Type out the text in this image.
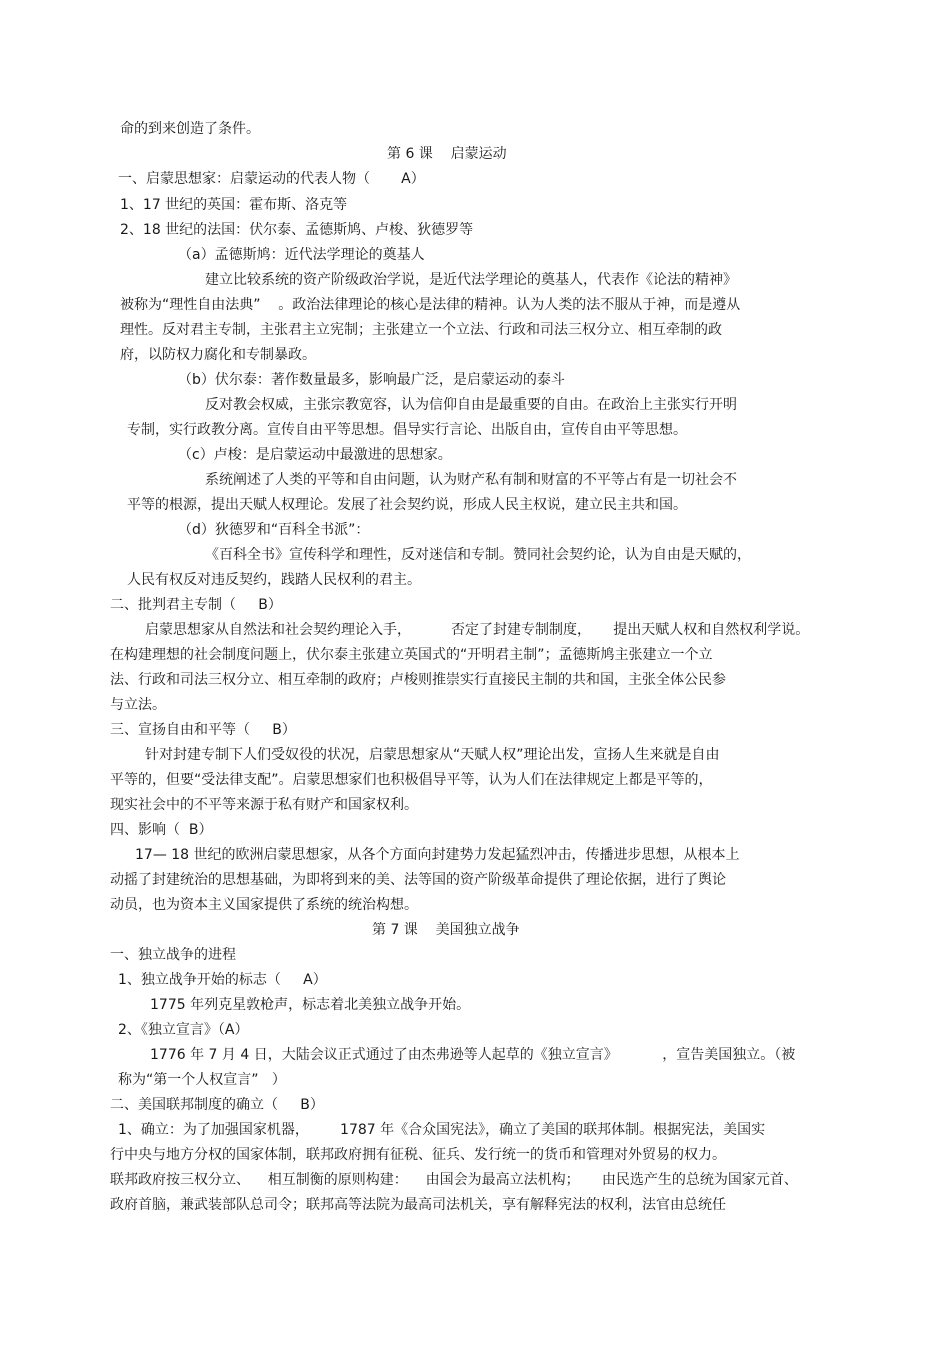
命的到来创造了条件。
第 6 课    启蒙运动
一、启蒙思想家：启蒙运动的代表人物（       A）
1、17 世纪的英国：霍布斯、洛克等
2、18 世纪的法国：伏尔泰、孟德斯鸠、卢梭、狄德罗等
（a）孟德斯鸠：近代法学理论的奠基人
建立比较系统的资产阶级政治学说，是近代法学理论的奠基人，代表作《论法的精神》
被称为“理性自由法典”    。政治法律理论的核心是法律的精神。认为人类的法不服从于神，而是遵从
理性。反对君主专制，主张君主立宪制；主张建立一个立法、行政和司法三权分立、相互牵制的政
府，以防权力腐化和专制暴政。
（b）伏尔泰：著作数量最多，影响最广泛，是启蒙运动的泰斗
反对教会权威，主张宗教宽容，认为信仰自由是最重要的自由。在政治上主张实行开明
专制，实行政教分离。宣传自由平等思想。倡导实行言论、出版自由，宣传自由平等思想。
（c）卢梭：是启蒙运动中最激进的思想家。
系统阐述了人类的平等和自由问题，认为财产私有制和财富的不平等占有是一切社会不
平等的根源，提出天赋人权理论。发展了社会契约说，形成人民主权说，建立民主共和国。
（d）狄德罗和“百科全书派”：
《百科全书》宣传科学和理性，反对迷信和专制。赞同社会契约论，认为自由是天赋的，
人民有权反对违反契约，践踏人民权利的君主。
二、批判君主专制（     B）
启蒙思想家从自然法和社会契约理论入手，         否定了封建专制制度，     提出天赋人权和自然权利学说。
在构建理想的社会制度问题上，伏尔泰主张建立英国式的“开明君主制”；孟德斯鸠主张建立一个立
法、行政和司法三权分立、相互牵制的政府；卢梭则推崇实行直接民主制的共和国，主张全体公民参
与立法。
三、宣扬自由和平等（     B）
针对封建专制下人们受奴役的状况，启蒙思想家从“天赋人权”理论出发，宣扬人生来就是自由
平等的，但要“受法律支配”。启蒙思想家们也积极倡导平等，认为人们在法律规定上都是平等的，
现实社会中的不平等来源于私有财产和国家权利。
四、影响（  B）
17— 18 世纪的欧洲启蒙思想家，从各个方面向封建势力发起猛烈冲击，传播进步思想，从根本上
动摇了封建统治的思想基础，为即将到来的美、法等国的资产阶级革命提供了理论依据，进行了舆论
动员，也为资本主义国家提供了系统的统治构想。
第 7 课    美国独立战争
一、独立战争的进程
1、独立战争开始的标志（     A）
1775 年列克星敦枪声，标志着北美独立战争开始。
2、《独立宣言》（A）
1776 年 7 月 4 日，大陆会议正式通过了由杰弗逊等人起草的《独立宣言》          ，宣告美国独立。（被
称为“第一个人权宣言”   ）
二、美国联邦制度的确立（     B）
1、确立：为了加强国家机器，       1787 年《合众国宪法》，确立了美国的联邦体制。根据宪法，美国实
行中央与地方分权的国家体制，联邦政府拥有征税、征兵、发行统一的货币和管理对外贸易的权力。
联邦政府按三权分立、    相互制衡的原则构建：    由国会为最高立法机构；     由民选产生的总统为国家元首、
政府首脑，兼武装部队总司令；联邦高等法院为最高司法机关，享有解释宪法的权利，法官由总统任
